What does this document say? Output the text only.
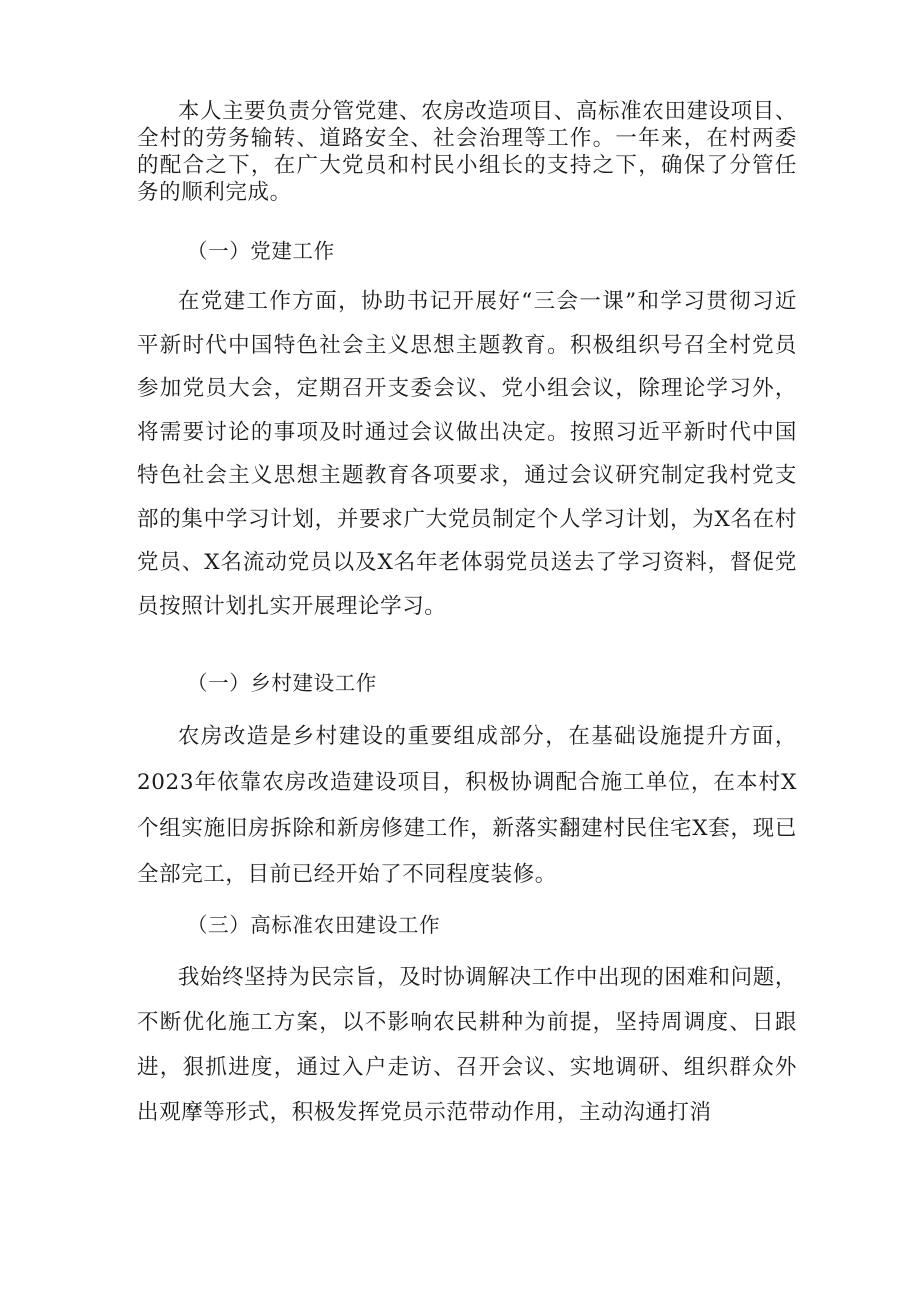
本人主要负责分管党建、农房改造项目、高标准农田建设项目、全村的劳务输转、道路安全、社会治理等工作。一年来，在村两委的配合之下，在广大党员和村民小组长的支持之下，确保了分管任务的顺利完成。

（一）党建工作

在党建工作方面，协助书记开展好“三会一课”和学习贯彻习近平新时代中国特色社会主义思想主题教育。积极组织号召全村党员参加党员大会，定期召开支委会议、党小组会议，除理论学习外，将需要讨论的事项及时通过会议做出决定。按照习近平新时代中国特色社会主义思想主题教育各项要求，通过会议研究制定我村党支部的集中学习计划，并要求广大党员制定个人学习计划，为X名在村党员、X名流动党员以及X名年老体弱党员送去了学习资料，督促党员按照计划扎实开展理论学习。

（一）乡村建设工作

农房改造是乡村建设的重要组成部分，在基础设施提升方面，2023年依靠农房改造建设项目，积极协调配合施工单位，在本村X个组实施旧房拆除和新房修建工作，新落实翻建村民住宅X套，现已全部完工，目前已经开始了不同程度装修。

（三）高标准农田建设工作

我始终坚持为民宗旨，及时协调解决工作中出现的困难和问题，不断优化施工方案，以不影响农民耕种为前提，坚持周调度、日跟进，狠抓进度，通过入户走访、召开会议、实地调研、组织群众外出观摩等形式，积极发挥党员示范带动作用，主动沟通打消
